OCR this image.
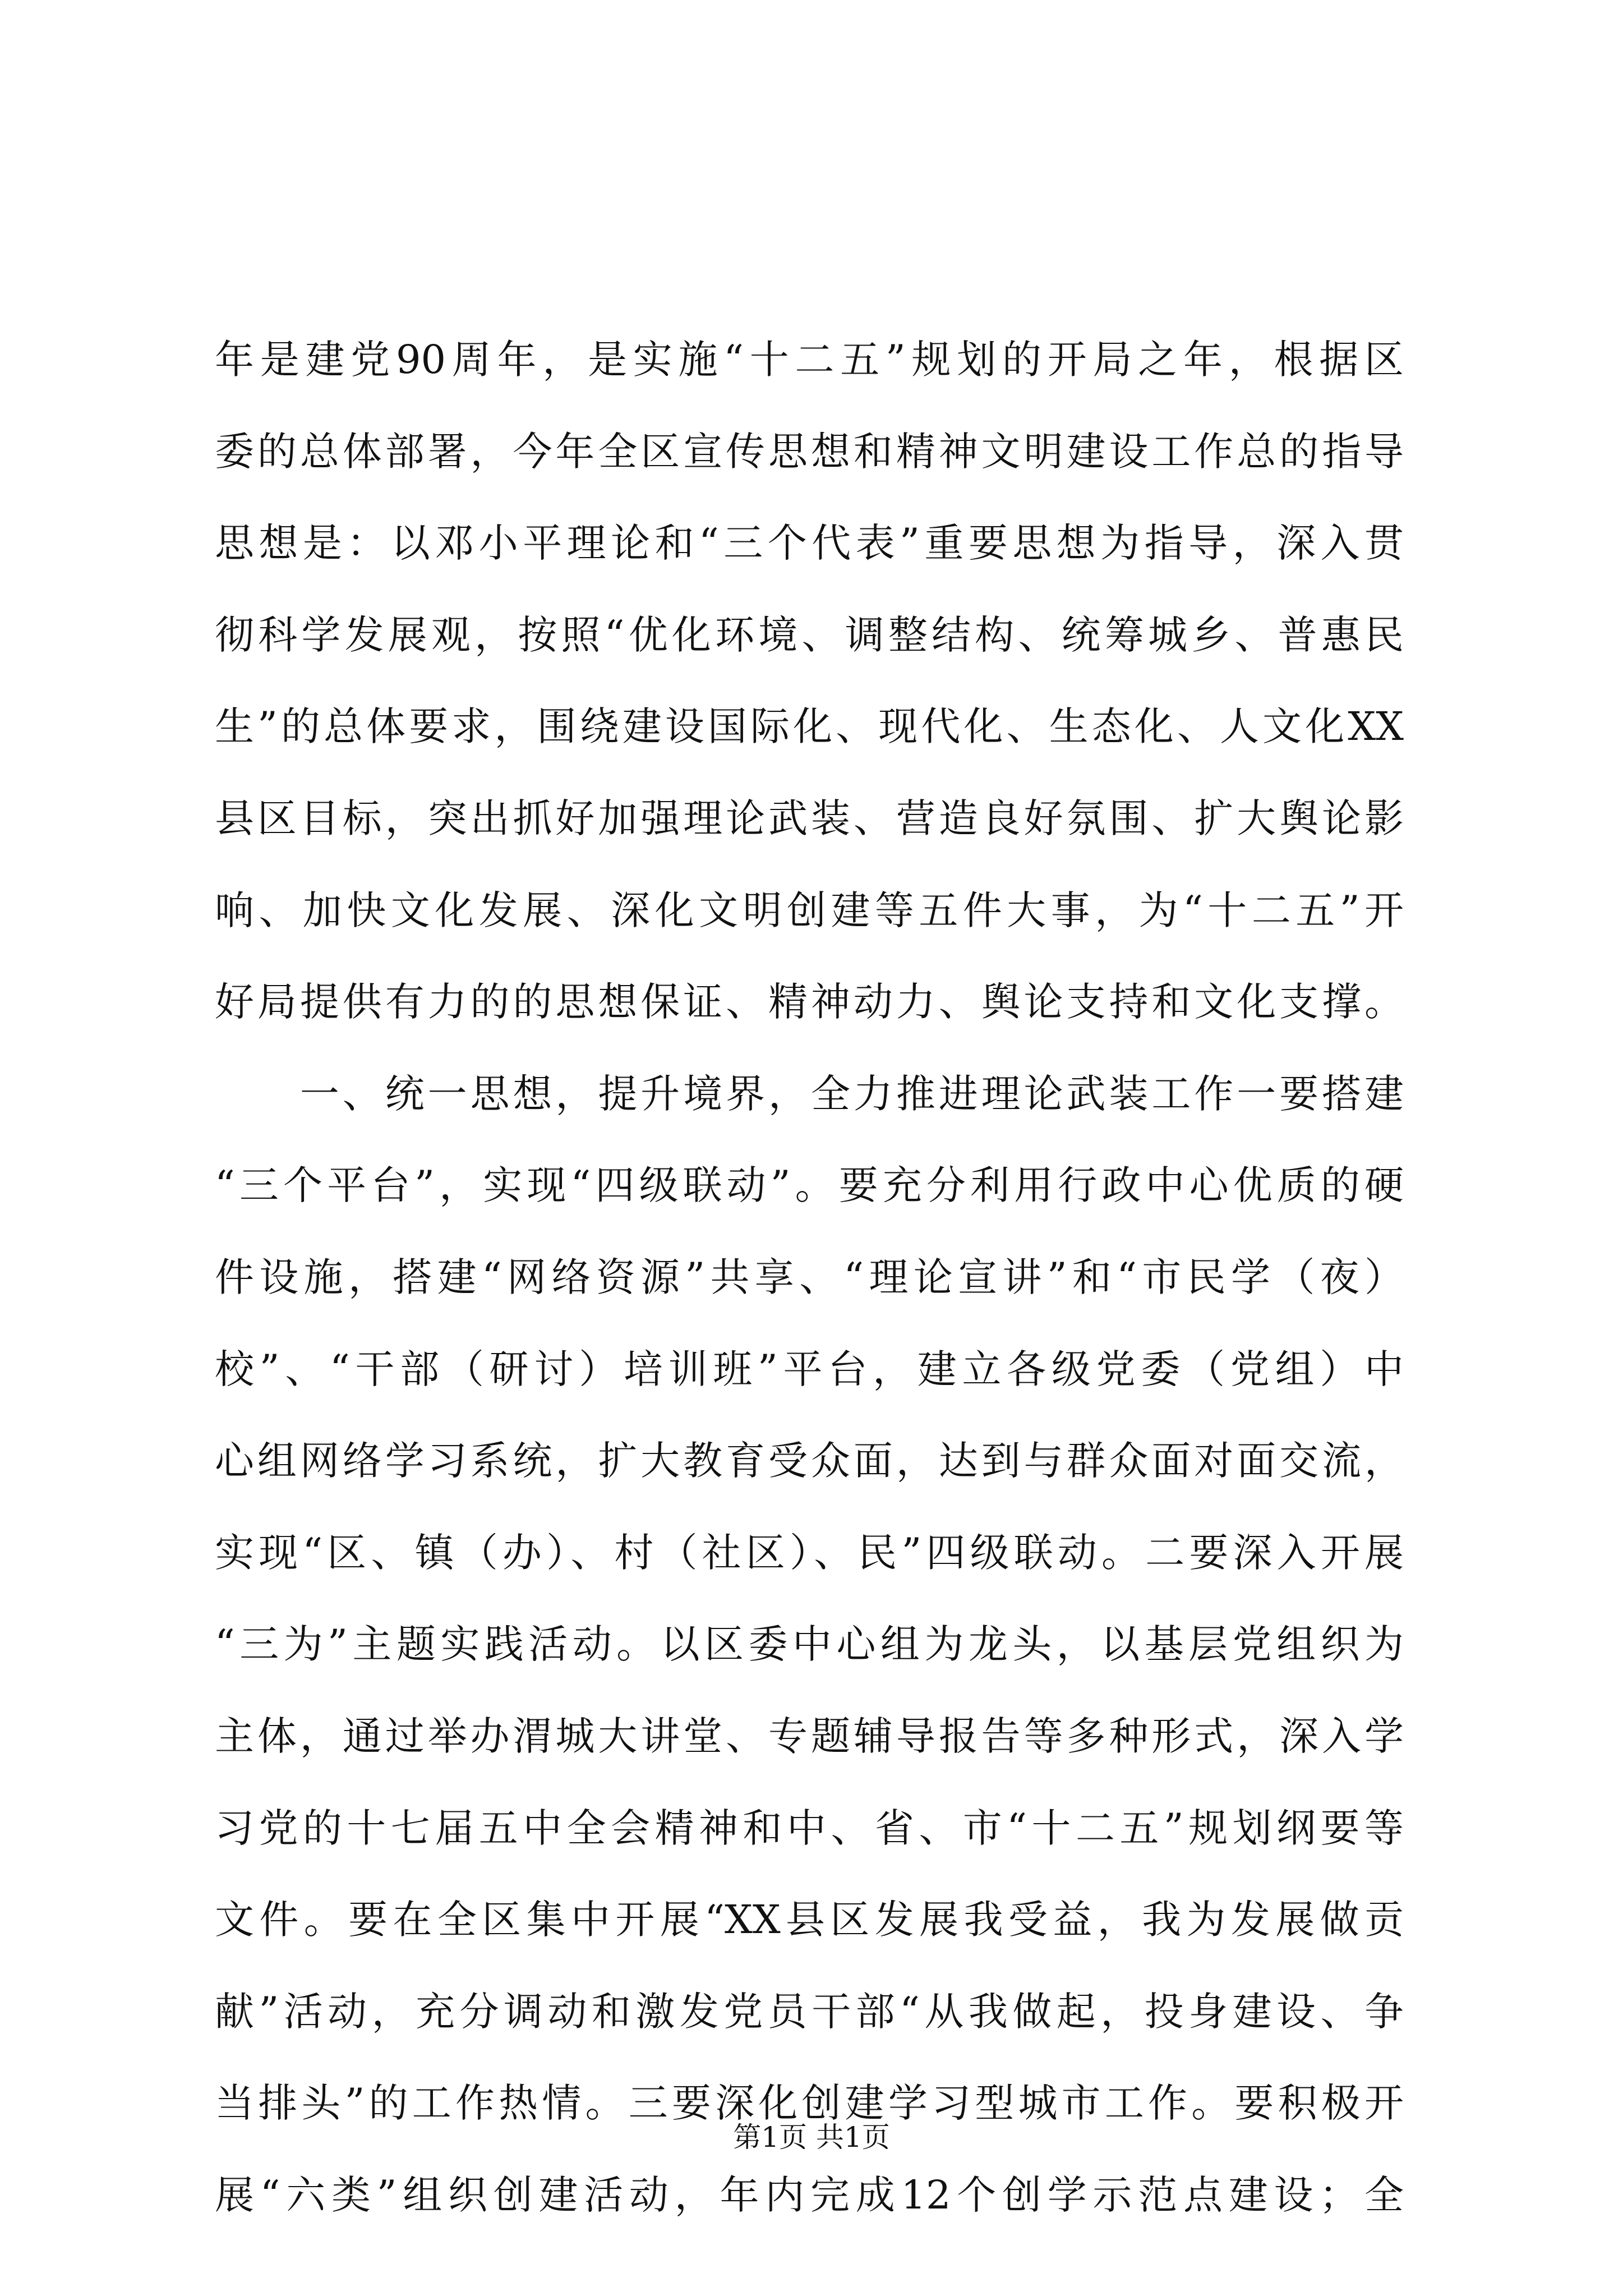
年是建党90周年，是实施“十二五”规划的开局之年，根据区
委的总体部署，今年全区宣传思想和精神文明建设工作总的指导
思想是：以邓小平理论和“三个代表”重要思想为指导，深入贯
彻科学发展观，按照“优化环境、调整结构、统筹城乡、普惠民
生”的总体要求，围绕建设国际化、现代化、生态化、人文化XX
县区目标，突出抓好加强理论武装、营造良好氛围、扩大舆论影
响、加快文化发展、深化文明创建等五件大事，为“十二五”开
好局提供有力的的思想保证、精神动力、舆论支持和文化支撑。
　　一、统一思想，提升境界，全力推进理论武装工作一要搭建
“三个平台”，实现“四级联动”。要充分利用行政中心优质的硬
件设施，搭建“网络资源”共享、“理论宣讲”和“市民学（夜）
校”、“干部（研讨）培训班”平台，建立各级党委（党组）中
心组网络学习系统，扩大教育受众面，达到与群众面对面交流，
实现“区、镇（办）、村（社区）、民”四级联动。二要深入开展
“三为”主题实践活动。以区委中心组为龙头，以基层党组织为
主体，通过举办渭城大讲堂、专题辅导报告等多种形式，深入学
习党的十七届五中全会精神和中、省、市“十二五”规划纲要等
文件。要在全区集中开展“XX县区发展我受益，我为发展做贡
献”活动，充分调动和激发党员干部“从我做起，投身建设、争
当排头”的工作热情。三要深化创建学习型城市工作。要积极开
展“六类”组织创建活动，年内完成12个创学示范点建设；全
第1页 共1页
